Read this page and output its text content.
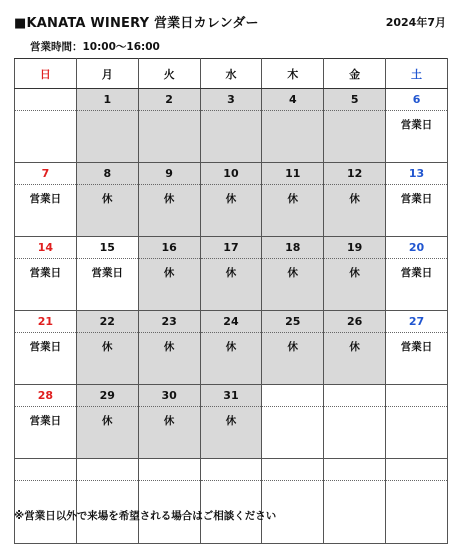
■KANATA WINERY 営業日カレンダー	2024年7月
営業時間：10:00〜16:00
日	月	火	水	木	金	土
	1	2	3	4	5	6
						営業日
7	8	9	10	11	12	13
営業日	休	休	休	休	休	営業日
14	15	16	17	18	19	20
営業日	営業日	休	休	休	休	営業日
21	22	23	24	25	26	27
営業日	休	休	休	休	休	営業日
28	29	30	31			
営業日	休	休	休			

※営業日以外で来場を希望される場合はご相談ください
